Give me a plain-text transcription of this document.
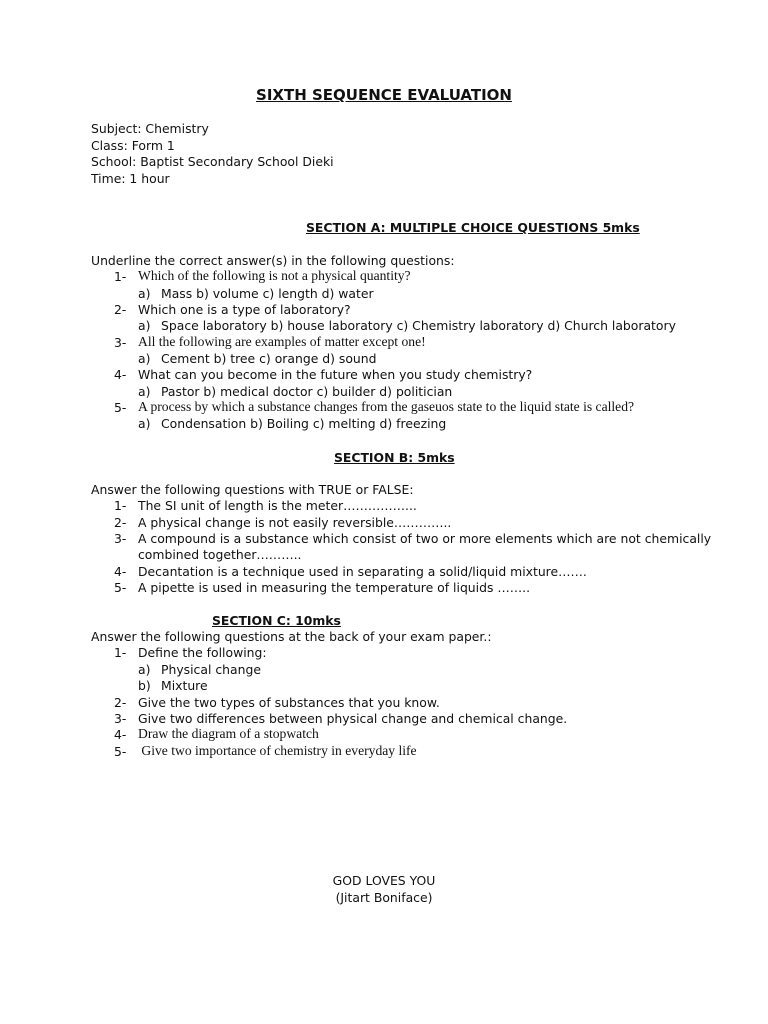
SIXTH SEQUENCE EVALUATION
Subject: Chemistry
Class: Form 1
School: Baptist Secondary School Dieki
Time: 1 hour
SECTION A: MULTIPLE CHOICE QUESTIONS 5mks
Underline the correct answer(s) in the following questions:
1- Which of the following is not a physical quantity?
a) Mass b) volume c) length d) water
2- Which one is a type of laboratory?
a) Space laboratory b) house laboratory c) Chemistry laboratory d) Church laboratory
3- All the following are examples of matter except one!
a) Cement b) tree c) orange d) sound
4- What can you become in the future when you study chemistry?
a) Pastor b) medical doctor c) builder d) politician
5- A process by which a substance changes from the gaseuos state to the liquid state is called?
a) Condensation b) Boiling c) melting d) freezing
SECTION B: 5mks
Answer the following questions with TRUE or FALSE:
1- The SI unit of length is the meter……………...
2- A physical change is not easily reversible…………..
3- A compound is a substance which consist of two or more elements which are not chemically
combined together………..
4- Decantation is a technique used in separating a solid/liquid mixture…….
5- A pipette is used in measuring the temperature of liquids ……..
SECTION C: 10mks
Answer the following questions at the back of your exam paper.:
1- Define the following:
a) Physical change
b) Mixture
2- Give the two types of substances that you know.
3- Give two differences between physical change and chemical change.
4- Draw the diagram of a stopwatch
5- Give two importance of chemistry in everyday life
GOD LOVES YOU
(Jitart Boniface)
